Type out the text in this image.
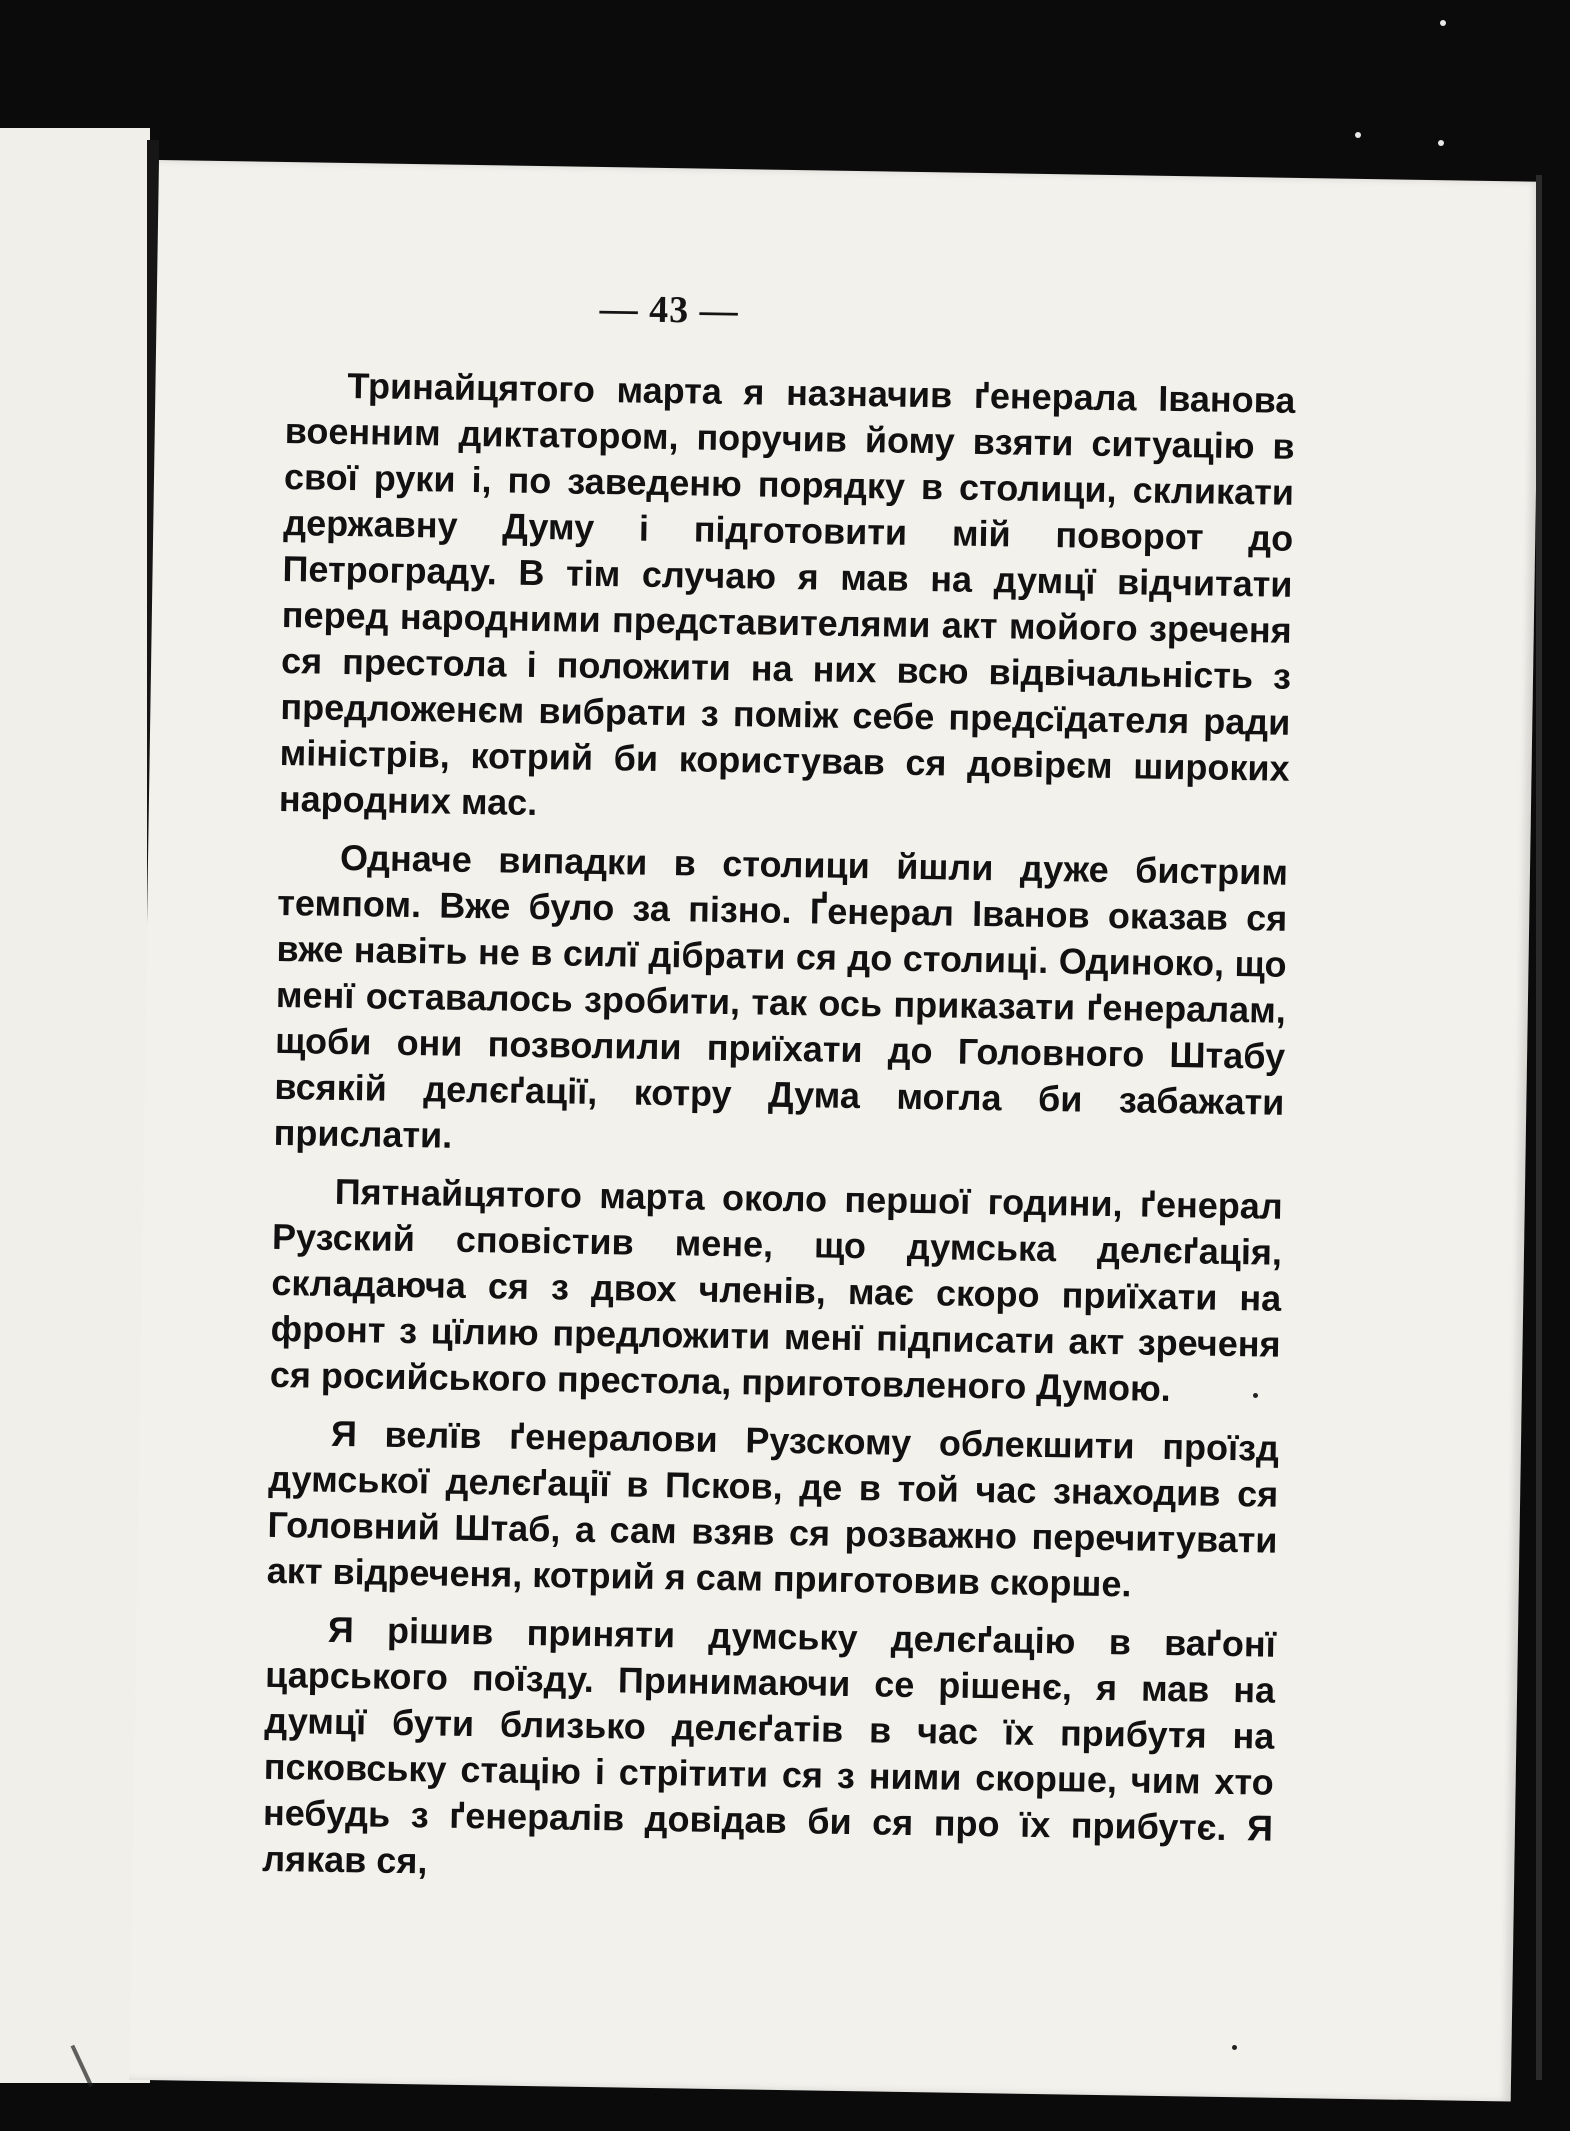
— 43 —

Тринайцятого марта я назначив ґенерала Іванова военним диктатором, поручив йому взяти ситуацію в свої руки і, по заведеню порядку в столици, скликати державну Думу і підготовити мій поворот до Петрограду. В тім случаю я мав на думцї відчитати перед народними представителями акт мойого зреченя ся престола і положити на них всю відвічальність з предложенєм вибрати з поміж себе предсїдателя ради міністрів, котрий би користував ся довірєм широких народних мас.

Одначе випадки в столици йшли дуже бистрим темпом. Вже було за пізно. Ґенерал Іванов оказав ся вже навіть не в силї дібрати ся до столиці. Одиноко, що менї оставалось зробити, так ось приказати ґенералам, щоби они позволили приїхати до Головного Штабу всякій делєґації, котру Дума могла би забажати прислати.

Пятнайцятого марта около першої години, ґенерал Рузский сповістив мене, що думська делєґація, складаюча ся з двох членів, має скоро приїхати на фронт з цїлию предложити менї підписати акт зреченя ся росийського престола, приготовленого Думою.

Я велїв ґенералови Рузскому облекшити проїзд думської делєґації в Псков, де в той час знаходив ся Головний Штаб, а сам взяв ся розважно перечитувати акт відреченя, котрий я сам приготовив скорше.

Я рішив приняти думську делєґацію в ваґонї царського поїзду. Принимаючи се рішенє, я мав на думцї бути близько делєґатів в час їх прибутя на псковську стацію і стрітити ся з ними скорше, чим хто небудь з ґенералів довідав би ся про їх прибутє. Я лякав ся,
